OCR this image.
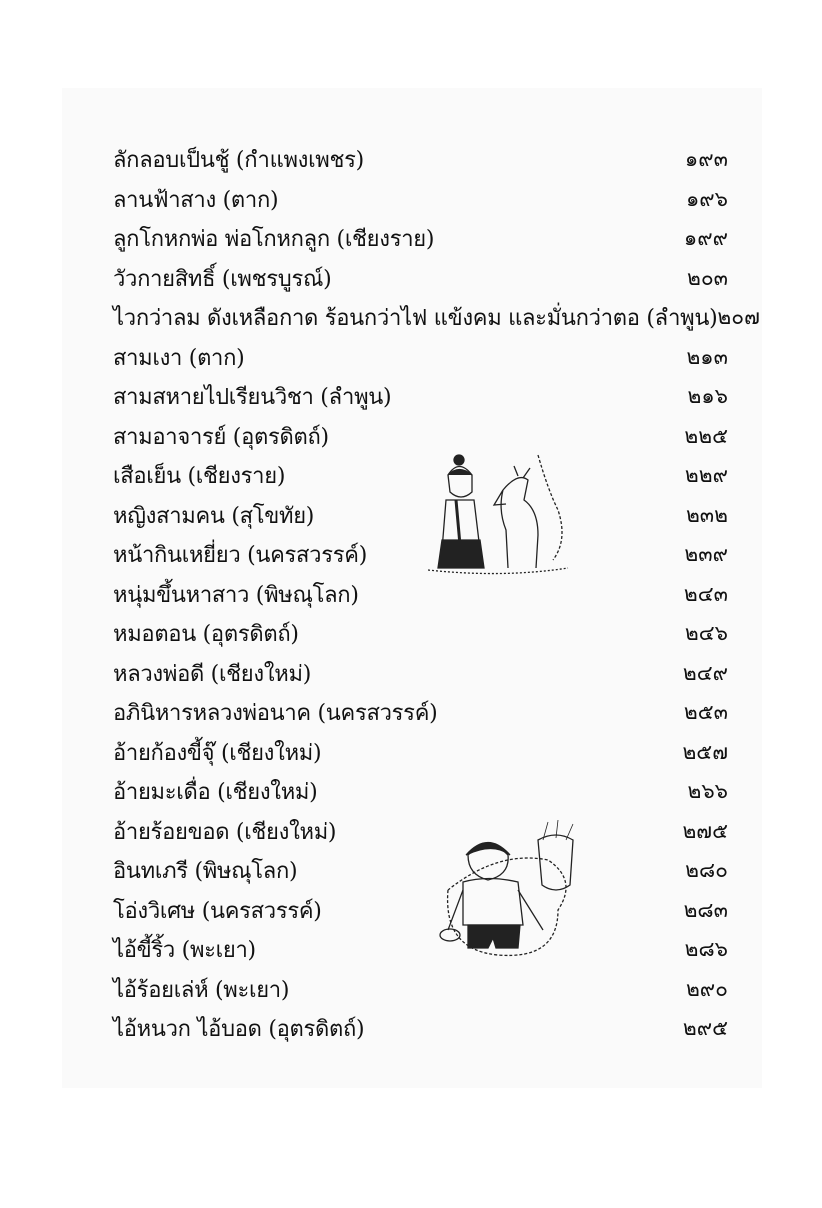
ลักลอบเป็นชู้ (กำแพงเพชร)	๑๙๓
ลานฟ้าสาง (ตาก)	๑๙๖
ลูกโกหกพ่อ พ่อโกหกลูก (เชียงราย)	๑๙๙
วัวกายสิทธิ์ (เพชรบูรณ์)	๒๐๓
ไวกว่าลม ดังเหลือกาด ร้อนกว่าไฟ แข้งคม และมั่นกว่าตอ (ลำพูน) ๒๐๗
สามเงา (ตาก)	๒๑๓
สามสหายไปเรียนวิชา (ลำพูน)	๒๑๖
สามอาจารย์ (อุตรดิตถ์)	๒๒๕
เสือเย็น (เชียงราย)	๒๒๙
หญิงสามคน (สุโขทัย)	๒๓๒
หน้ากินเหยี่ยว (นครสวรรค์)	๒๓๙
หนุ่มขึ้นหาสาว (พิษณุโลก)	๒๔๓
หมอตอน (อุตรดิตถ์)	๒๔๖
หลวงพ่อดี (เชียงใหม่)	๒๔๙
อภินิหารหลวงพ่อนาค (นครสวรรค์)	๒๕๓
อ้ายก้องขี้จุ๊ (เชียงใหม่)	๒๕๗
อ้ายมะเดื่อ (เชียงใหม่)	๒๖๖
อ้ายร้อยขอด (เชียงใหม่)	๒๗๕
อินทเภรี (พิษณุโลก)	๒๘๐
โอ่งวิเศษ (นครสวรรค์)	๒๘๓
ไอ้ขี้ริ้ว (พะเยา)	๒๘๖
ไอ้ร้อยเล่ห์ (พะเยา)	๒๙๐
ไอ้หนวก ไอ้บอด (อุตรดิตถ์)	๒๙๕
